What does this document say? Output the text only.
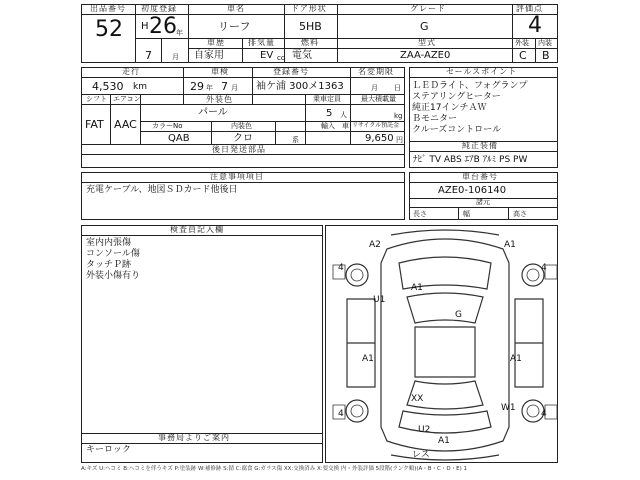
出品番号
52
初度登録
H 26 年
7	月
車名
リーフ
ドア形状
5HB
グレード
G
評価点
4
外装 内装
C B
車歴
自家用
排気量
EV cc
燃料
電気
型式
ZAA-AZE0
走行
4,530 km
車検
29 年 7 月
登録番号
袖ケ浦 300メ1363
名変期限
月 日
シフト エアコン
FAT AAC
外装色
パール
乗車定員
5 人
最大積載量
kg
カラーNo
QAB
内装色
クロ	系
輸入 車 リサイクル預託金
9,650 円
後日発送部品
セールスポイント
ＬＥＤライト、フォグランプ
ステアリングヒーター
純正17インチＡＷ
Ｂモニター
クルーズコントロール
純正装備
ﾅﾋﾞ TV ABS ｴｱB ｱﾙﾐ PS PW
注意事項項目
充電ケーブル、地図ＳＤカード他後日
車台番号
AZE0-106140
諸元
長さ	幅	高さ
検査員記入欄
室内内張傷
コンソール傷
タッチＰ跡
外装小傷有り
事務局よりご案内
キーロック
A2	A1
4	4
A1
U1
G
A1	A1
XX
W1
4	4
U2
A1
レス
A:キズ U:ヘコミ B:ヘコミを伴うキズ P:塗装跡 W:補修跡 S:錆 C:腐食 G:ガラス傷 XX:交換済み X:要交換 内・外装評価 5段階(ランク順)(A・B・C・D・E) 1
